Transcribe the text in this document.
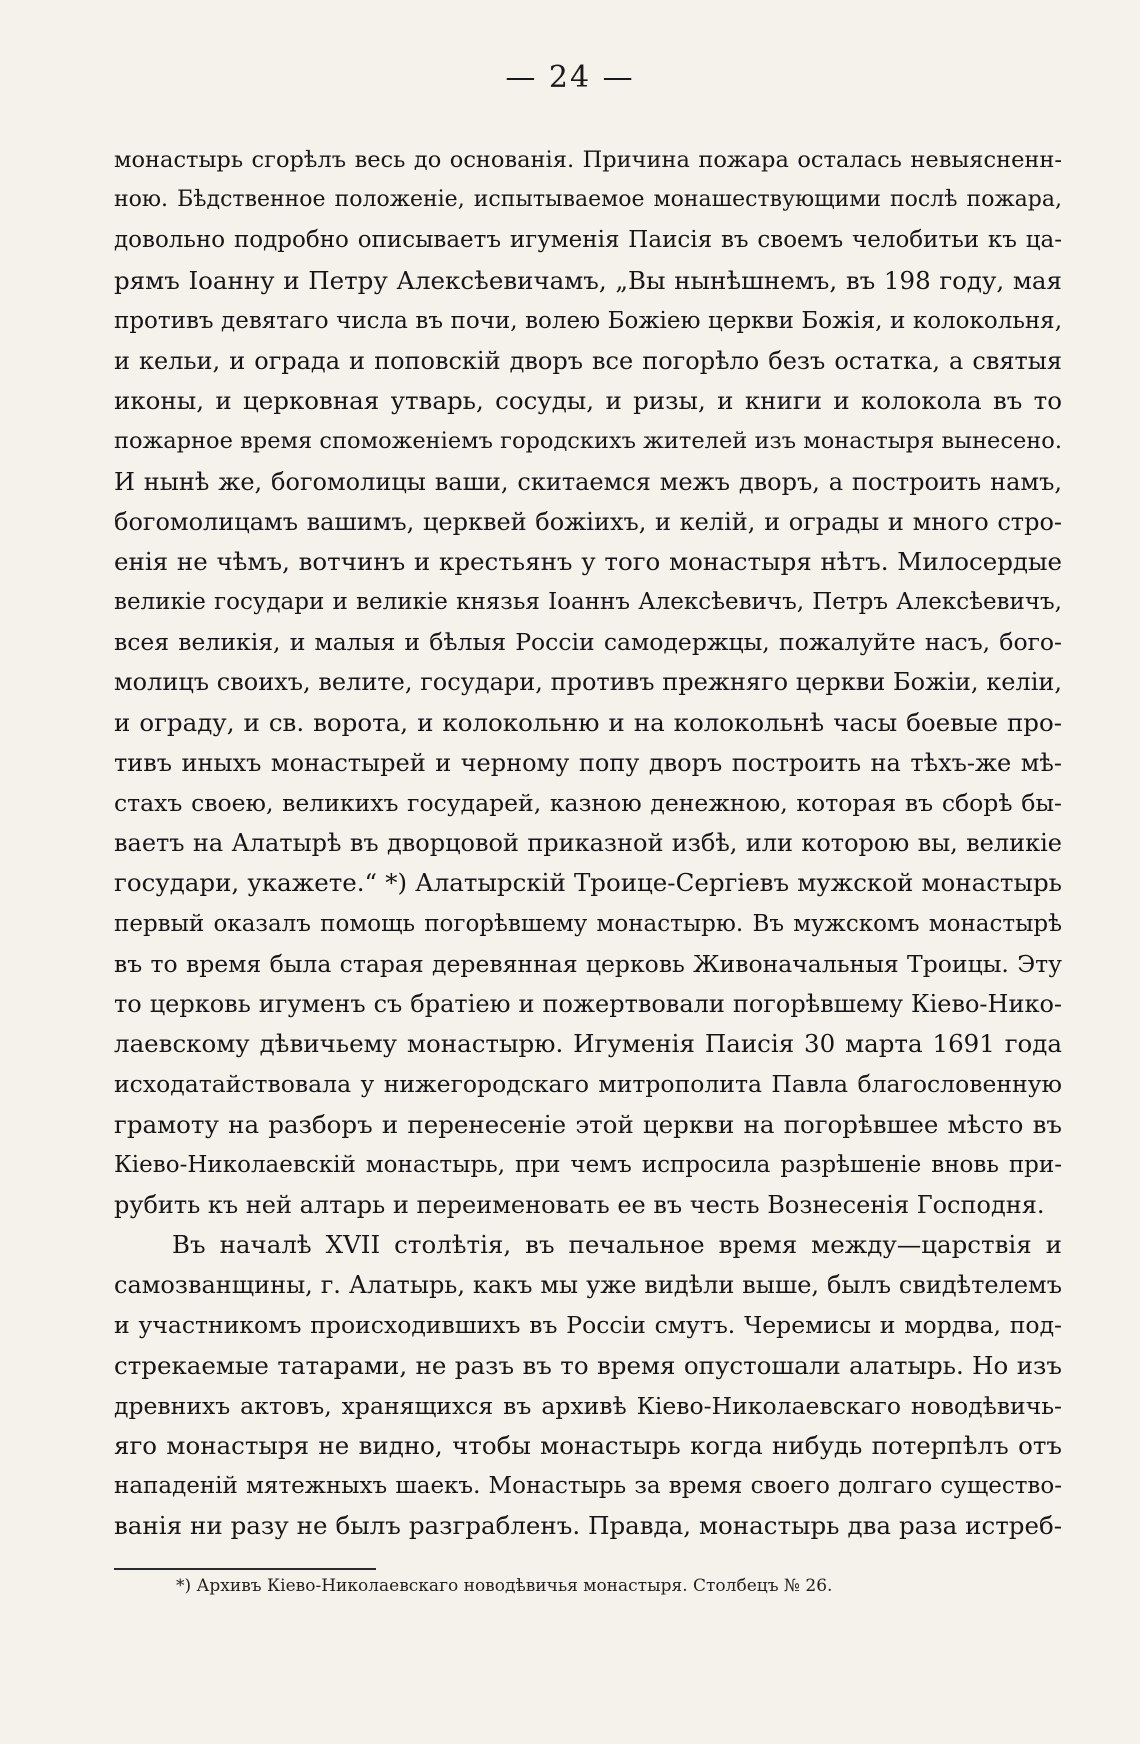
— 24 —
монастырь сгорѣлъ весь до основанія. Причина пожара осталась невыясненн-
ною. Бѣдственное положеніе, испытываемое монашествующими послѣ пожара,
довольно подробно описываетъ игуменія Паисія въ своемъ челобитьи къ ца-
рямъ Іоанну и Петру Алексѣевичамъ, „Вы нынѣшнемъ, въ 198 году, мая
противъ девятаго числа въ почи, волею Божіею церкви Божія, и колокольня,
и кельи, и ограда и поповскій дворъ все погорѣло безъ остатка, а святыя
иконы, и церковная утварь, сосуды, и ризы, и книги и колокола въ то
пожарное время споможеніемъ городскихъ жителей изъ монастыря вынесено.
И нынѣ же, богомолицы ваши, скитаемся межъ дворъ, а построить намъ,
богомолицамъ вашимъ, церквей божіихъ, и келій, и ограды и много стро-
енія не чѣмъ, вотчинъ и крестьянъ у того монастыря нѣтъ. Милосердые
великіе государи и великіе князья Іоаннъ Алексѣевичъ, Петръ Алексѣевичъ,
всея великія, и малыя и бѣлыя Россіи самодержцы, пожалуйте насъ, бого-
молицъ своихъ, велите, государи, противъ прежняго церкви Божіи, келіи,
и ограду, и св. ворота, и колокольню и на колокольнѣ часы боевые про-
тивъ иныхъ монастырей и черному попу дворъ построить на тѣхъ-же мѣ-
стахъ своею, великихъ государей, казною денежною, которая въ сборѣ бы-
ваетъ на Алатырѣ въ дворцовой приказной избѣ, или которою вы, великіе
государи, укажете.“ *) Алатырскій Троице-Сергіевъ мужской монастырь
первый оказалъ помощь погорѣвшему монастырю. Въ мужскомъ монастырѣ
въ то время была старая деревянная церковь Живоначальныя Троицы. Эту
то церковь игуменъ съ братіею и пожертвовали погорѣвшему Кіево-Нико-
лаевскому дѣвичьему монастырю. Игуменія Паисія 30 марта 1691 года
исходатайствовала у нижегородскаго митрополита Павла благословенную
грамоту на разборъ и перенесеніе этой церкви на погорѣвшее мѣсто въ
Кіево-Николаевскій монастырь, при чемъ испросила разрѣшеніе вновь при-
рубить къ ней алтарь и переименовать ее въ честь Вознесенія Господня.
Въ началѣ XVII столѣтія, въ печальное время между—царствія и
самозванщины, г. Алатырь, какъ мы уже видѣли выше, былъ свидѣтелемъ
и участникомъ происходившихъ въ Россіи смутъ. Черемисы и мордва, под-
стрекаемые татарами, не разъ въ то время опустошали алатырь. Но изъ
древнихъ актовъ, хранящихся въ архивѣ Кіево-Николаевскаго новодѣвичь-
яго монастыря не видно, чтобы монастырь когда нибудь потерпѣлъ отъ
нападеній мятежныхъ шаекъ. Монастырь за время своего долгаго существо-
ванія ни разу не былъ разграбленъ. Правда, монастырь два раза истреб-
*) Архивъ Кіево-Николаевскаго новодѣвичья монастыря. Столбецъ № 26.
